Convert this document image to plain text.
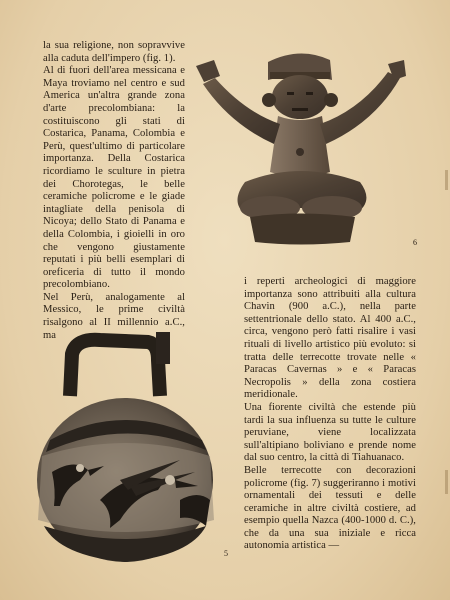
la sua religione, non sopravvive alla caduta dell'impero (fig. 1).

Al di fuori dell'area messicana e Maya troviamo nel centro e sud America un'altra grande zona d'arte precolombiana: la costituiscono gli stati di Costarica, Panama, Colombia e Perù, quest'ultimo di particolare importanza. Della Costarica ricordiamo le sculture in pietra dei Chorotegas, le belle ceramiche policrome e le giade intagliate della penisola di Nicoya; dello Stato di Panama e della Colombia, i gioielli in oro che vengono giustamente reputati i più belli esemplari di oreficeria di tutto il mondo precolombiano.

Nel Perù, analogamente al Messico, le prime civiltà risalgono al II millennio a.C., ma

i reperti archeologici di maggiore importanza sono attribuiti alla cultura Chavin (900 a.C.), nella parte settentrionale dello stato. Al 400 a.C., circa, vengono però fatti risalire i vasi rituali di livello artistico più evoluto: si tratta delle terrecotte trovate nelle « Paracas Cavernas » e « Paracas Necropolis » della zona costiera meridionale.

Una fiorente civiltà che estende più tardi la sua influenza su tutte le culture peruviane, viene localizzata sull'altipiano boliviano e prende nome dal suo centro, la città di Tiahuanaco.

Belle terrecotte con decorazioni policrome (fig. 7) suggeriranno i motivi ornamentali dei tessuti e delle ceramiche in altre civiltà costiere, ad esempio quella Nazca (400-1000 d. C.), che da una sua iniziale e ricca autonomia artistica —

6
5
